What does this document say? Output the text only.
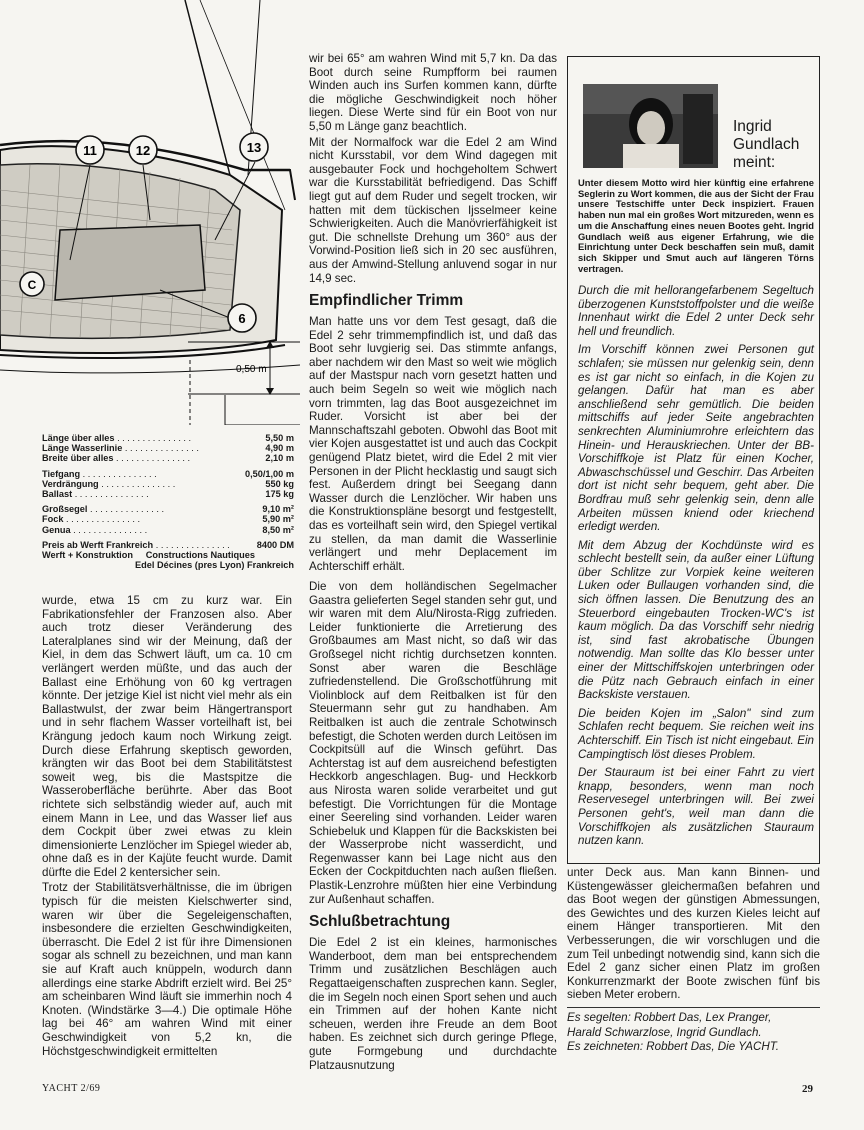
11	12	13
6
C
0,50 m
Länge über alles . .	5,50 m
Länge Wasserlinie . .	4,90 m
Breite über alles . .	2,10 m
Tiefgang . .	0,50/1,00 m
Verdrängung . .	550 kg
Ballast . .	175 kg
Großsegel . .	9,10 m²
Fock . .	5,90 m²
Genua . .	8,50 m²
Preis ab Werft Frankreich . .	8400 DM
Werft + Konstruktion     Constructions Nautiques
Edel Décines (pres Lyon) Frankreich

wurde, etwa 15 cm zu kurz war. Ein Fabrikationsfehler der Franzosen also. Aber auch trotz dieser Veränderung des Lateralplanes sind wir der Meinung, daß der Kiel, in dem das Schwert läuft, um ca. 10 cm verlängert werden müßte, und das auch der Ballast eine Erhöhung von 60 kg vertragen könnte. Der jetzige Kiel ist nicht viel mehr als ein Ballastwulst, der zwar beim Hängertransport und in sehr flachem Wasser vorteilhaft ist, bei Krängung jedoch kaum noch Wirkung zeigt. Durch diese Erfahrung skeptisch geworden, krängten wir das Boot bei dem Stabilitätstest soweit weg, bis die Mastspitze die Wasseroberfläche berührte. Aber das Boot richtete sich selbständig wieder auf, auch mit einem Mann in Lee, und das Wasser lief aus dem Cockpit über zwei etwas zu klein dimensionierte Lenzlöcher im Spiegel wieder ab, ohne daß es in der Kajüte feucht wurde. Damit dürfte die Edel 2 kentersicher sein.

Trotz der Stabilitätsverhältnisse, die im übrigen typisch für die meisten Kielschwerter sind, waren wir über die Segeleigenschaften, insbesondere die erzielten Geschwindigkeiten, überrascht. Die Edel 2 ist für ihre Dimensionen sogar als schnell zu bezeichnen, und man kann sie auf Kraft auch knüppeln, wodurch dann allerdings eine starke Abdrift erzielt wird. Bei 25° am scheinbaren Wind läuft sie immerhin noch 4 Knoten. (Windstärke 3—4.) Die optimale Höhe lag bei 46° am wahren Wind mit einer Geschwindigkeit von 5,2 kn, die Höchstgeschwindigkeit ermittelten

wir bei 65° am wahren Wind mit 5,7 kn. Da das Boot durch seine Rumpfform bei raumen Winden auch ins Surfen kommen kann, dürfte die mögliche Geschwindigkeit noch höher liegen. Diese Werte sind für ein Boot von nur 5,50 m Länge ganz beachtlich.

Mit der Normalfock war die Edel 2 am Wind nicht Kursstabil, vor dem Wind dagegen mit ausgebauter Fock und hochgeholtem Schwert war die Kursstabilität befriedigend. Das Schiff liegt gut auf dem Ruder und segelt trocken, wir hatten mit dem tückischen Ijsselmeer keine Schwierigkeiten. Auch die Manövrierfähigkeit ist gut. Die schnellste Drehung um 360° aus der Vorwind-Position ließ sich in 20 sec ausführen, aus der Amwind-Stellung anluvend sogar in nur 14,9 sec.

Empfindlicher Trimm

Man hatte uns vor dem Test gesagt, daß die Edel 2 sehr trimmempfindlich ist, und daß das Boot sehr luvgierig sei. Das stimmte anfangs, aber nachdem wir den Mast so weit wie möglich auf der Mastspur nach vorn gesetzt hatten und auch beim Segeln so weit wie möglich nach vorn trimmten, lag das Boot ausgezeichnet im Ruder. Vorsicht ist aber bei der Mannschaftszahl geboten. Obwohl das Boot mit vier Kojen ausgestattet ist und auch das Cockpit genügend Platz bietet, wird die Edel 2 mit vier Personen in der Plicht hecklastig und saugt sich fest. Außerdem dringt bei Seegang dann Wasser durch die Lenzlöcher. Wir haben uns die Konstruktionspläne besorgt und festgestellt, das es vorteilhaft sein wird, den Spiegel vertikal zu stellen, da man damit die Wasserlinie verlängert und mehr Deplacement im Achterschiff erhält.

Die von dem holländischen Segelmacher Gaastra gelieferten Segel standen sehr gut, und wir waren mit dem Alu/Nirosta-Rigg zufrieden. Leider funktionierte die Arretierung des Großbaumes am Mast nicht, so daß wir das Großsegel nicht richtig durchsetzen konnten. Sonst aber waren die Beschläge zufriedenstellend. Die Großschotführung mit Violinblock auf dem Reitbalken ist für den Steuermann sehr gut zu handhaben. Am Reitbalken ist auch die zentrale Schotwinsch befestigt, die Schoten werden durch Leitösen im Cockpitsüll auf die Winsch geführt. Das Achterstag ist auf dem ausreichend befestigten Heckkorb angeschlagen. Bug- und Heckkorb aus Nirosta waren solide verarbeitet und gut befestigt. Die Vorrichtungen für die Montage einer Seereling sind vorhanden. Leider waren Schiebeluk und Klappen für die Backskisten bei der Wasserprobe nicht wasserdicht, und Regenwasser kann bei Lage nicht aus den Ecken der Cockpitduchten nach außen fließen. Plastik-Lenzrohre müßten hier eine Verbindung zur Außenhaut schaffen.

Schlußbetrachtung

Die Edel 2 ist ein kleines, harmonisches Wanderboot, dem man bei entsprechendem Trimm und zusätzlichen Beschlägen auch Regattaeigenschaften zusprechen kann. Segler, die im Segeln noch einen Sport sehen und auch ein Trimmen auf der hohen Kante nicht scheuen, werden ihre Freude an dem Boot haben. Es zeichnet sich durch geringe Pflege, gute Formgebung und durchdachte Platzausnutzung

Ingrid
Gundlach
meint:
Unter diesem Motto wird hier künftig eine erfahrene Seglerin zu Wort kommen, die aus der Sicht der Frau unsere Testschiffe unter Deck inspiziert. Frauen haben nun mal ein großes Wort mitzureden, wenn es um die Anschaffung eines neuen Bootes geht. Ingrid Gundlach weiß aus eigener Erfahrung, wie die Einrichtung unter Deck beschaffen sein muß, damit sich Skipper und Smut auch auf längeren Törns vertragen.

Durch die mit hellorangefarbenem Segeltuch überzogenen Kunststoffpolster und die weiße Innenhaut wirkt die Edel 2 unter Deck sehr hell und freundlich.

Im Vorschiff können zwei Personen gut schlafen; sie müssen nur gelenkig sein, denn es ist gar nicht so einfach, in die Kojen zu gelangen. Dafür hat man es aber anschließend sehr gemütlich. Die beiden mittschiffs auf jeder Seite angebrachten senkrechten Aluminiumrohre erleichtern das Hinein- und Herauskriechen. Unter der BB-Vorschiffkoje ist Platz für einen Kocher, Abwaschschüssel und Geschirr. Das Arbeiten dort ist nicht sehr bequem, geht aber. Die Bordfrau muß sehr gelenkig sein, denn alle Arbeiten müssen kniend oder kriechend erledigt werden.

Mit dem Abzug der Kochdünste wird es schlecht bestellt sein, da außer einer Lüftung über Schlitze zur Vorpiek keine weiteren Luken oder Bullaugen vorhanden sind, die sich öffnen lassen. Die Benutzung des an Steuerbord eingebauten Trocken-WC's ist kaum möglich. Da das Vorschiff sehr niedrig ist, sind fast akrobatische Übungen notwendig. Man sollte das Klo besser unter einer der Mittschiffskojen unterbringen oder die Pütz nach Gebrauch einfach in einer Backskiste verstauen.

Die beiden Kojen im „Salon" sind zum Schlafen recht bequem. Sie reichen weit ins Achterschiff. Ein Tisch ist nicht eingebaut. Ein Campingtisch löst dieses Problem.

Der Stauraum ist bei einer Fahrt zu viert knapp, besonders, wenn man noch Reservesegel unterbringen will. Bei zwei Personen geht's, weil man dann die Vorschiffkojen als zusätzlichen Stauraum nutzen kann.

unter Deck aus. Man kann Binnen- und Küstengewässer gleichermaßen befahren und das Boot wegen der günstigen Abmessungen, des Gewichtes und des kurzen Kieles leicht auf einem Hänger transportieren. Mit den Verbesserungen, die wir vorschlugen und die zum Teil unbedingt notwendig sind, kann sich die Edel 2 ganz sicher einen Platz im großen Konkurrenzmarkt der Boote zwischen fünf bis sieben Meter erobern.

Es segelten: Robbert Das, Lex Pranger,
Harald Schwarzlose, Ingrid Gundlach.
Es zeichneten: Robbert Das, Die YACHT.
YACHT 2/69	29
